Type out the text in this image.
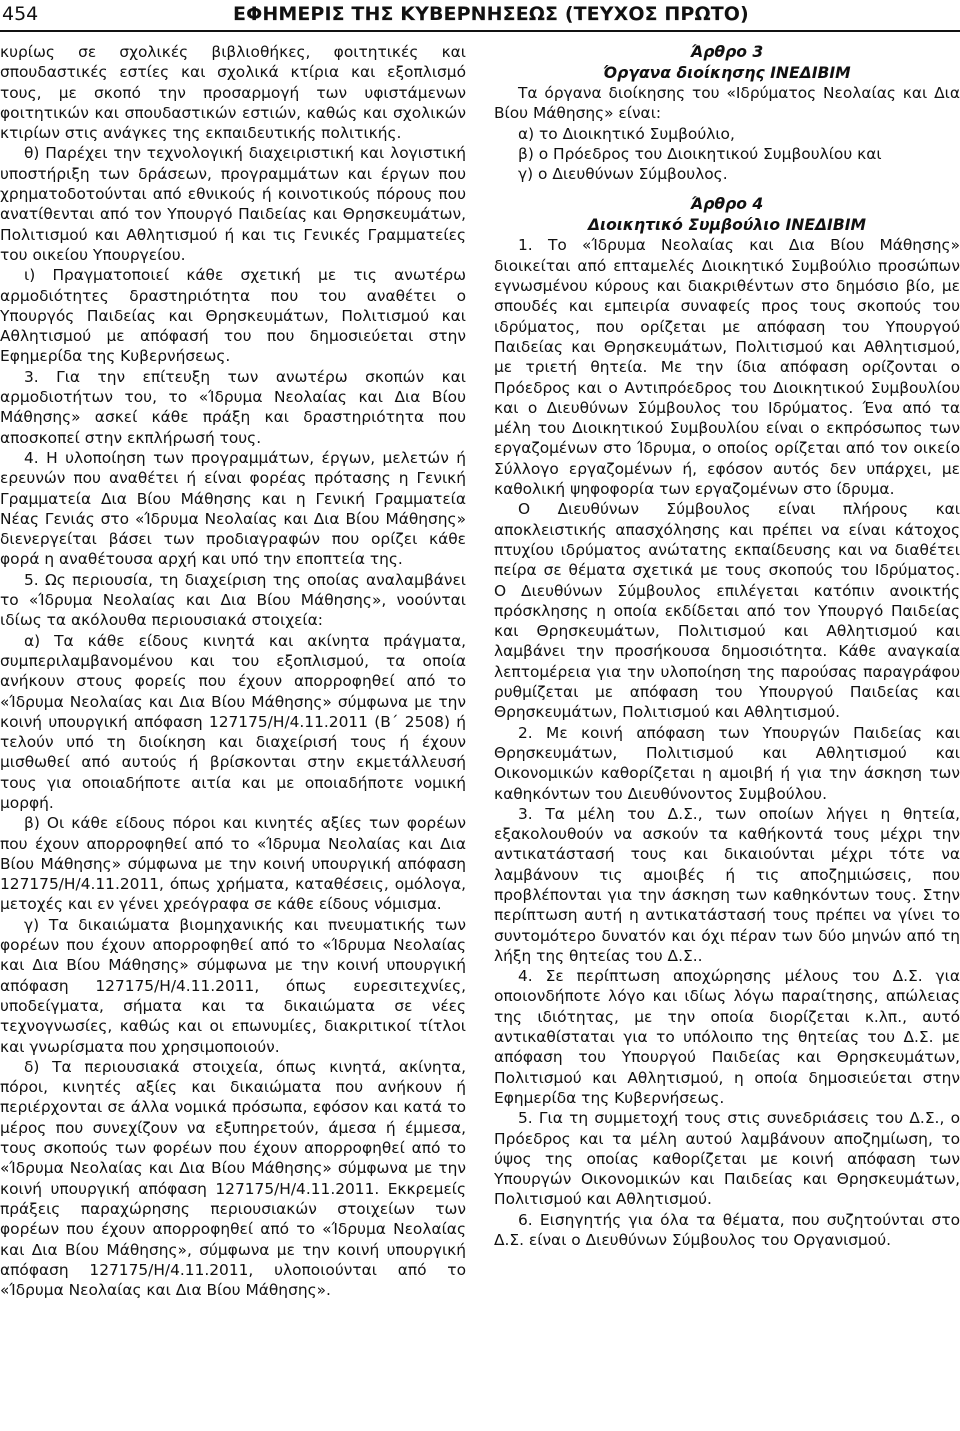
454	ΕΦΗΜΕΡΙΣ ΤΗΣ ΚΥΒΕΡΝΗΣΕΩΣ (ΤΕΥΧΟΣ ΠΡΩΤΟ)

κυρίως σε σχολικές βιβλιοθήκες, φοιτητικές και σπουδαστικές εστίες και σχολικά κτίρια και εξοπλισμό τους, με σκοπό την προσαρμογή των υφιστάμενων φοιτητικών και σπουδαστικών εστιών, καθώς και σχολικών κτιρίων στις ανάγκες της εκπαιδευτικής πολιτικής.

θ) Παρέχει την τεχνολογική διαχειριστική και λογιστική υποστήριξη των δράσεων, προγραμμάτων και έργων που χρηματοδοτούνται από εθνικούς ή κοινοτικούς πόρους που ανατίθενται από τον Υπουργό Παιδείας και Θρησκευμάτων, Πολιτισμού και Αθλητισμού ή και τις Γενικές Γραμματείες του οικείου Υπουργείου.

ι) Πραγματοποιεί κάθε σχετική με τις ανωτέρω αρμοδιότητες δραστηριότητα που του αναθέτει ο Υπουργός Παιδείας και Θρησκευμάτων, Πολιτισμού και Αθλητισμού με απόφασή του που δημοσιεύεται στην Εφημερίδα της Κυβερνήσεως.

3. Για την επίτευξη των ανωτέρω σκοπών και αρμοδιοτήτων του, το «Ίδρυμα Νεολαίας και Δια Βίου Μάθησης» ασκεί κάθε πράξη και δραστηριότητα που αποσκοπεί στην εκπλήρωσή τους.

4. Η υλοποίηση των προγραμμάτων, έργων, μελετών ή ερευνών που αναθέτει ή είναι φορέας πρότασης η Γενική Γραμματεία Δια Βίου Μάθησης και η Γενική Γραμματεία Νέας Γενιάς στο «Ίδρυμα Νεολαίας και Δια Βίου Μάθησης» διενεργείται βάσει των προδιαγραφών που ορίζει κάθε φορά η αναθέτουσα αρχή και υπό την εποπτεία της.

5. Ως περιουσία, τη διαχείριση της οποίας αναλαμβάνει το «Ίδρυμα Νεολαίας και Δια Βίου Μάθησης», νοούνται ιδίως τα ακόλουθα περιουσιακά στοιχεία:

α) Τα κάθε είδους κινητά και ακίνητα πράγματα, συμπεριλαμβανομένου και του εξοπλισμού, τα οποία ανήκουν στους φορείς που έχουν απορροφηθεί από το «Ίδρυμα Νεολαίας και Δια Βίου Μάθησης» σύμφωνα με την κοινή υπουργική απόφαση 127175/Η/4.11.2011 (Β΄ 2508) ή τελούν υπό τη διοίκηση και διαχείρισή τους ή έχουν μισθωθεί από αυτούς ή βρίσκονται στην εκμετάλλευσή τους για οποιαδήποτε αιτία και με οποιαδήποτε νομική μορφή.

β) Οι κάθε είδους πόροι και κινητές αξίες των φορέων που έχουν απορροφηθεί από το «Ίδρυμα Νεολαίας και Δια Βίου Μάθησης» σύμφωνα με την κοινή υπουργική απόφαση 127175/Η/4.11.2011, όπως χρήματα, καταθέσεις, ομόλογα, μετοχές και εν γένει χρεόγραφα σε κάθε είδους νόμισμα.

γ) Τα δικαιώματα βιομηχανικής και πνευματικής των φορέων που έχουν απορροφηθεί από το «Ίδρυμα Νεολαίας και Δια Βίου Μάθησης» σύμφωνα με την κοινή υπουργική απόφαση 127175/Η/4.11.2011, όπως ευρεσιτεχνίες, υποδείγματα, σήματα και τα δικαιώματα σε νέες τεχνογνωσίες, καθώς και οι επωνυμίες, διακριτικοί τίτλοι και γνωρίσματα που χρησιμοποιούν.

δ) Τα περιουσιακά στοιχεία, όπως κινητά, ακίνητα, πόροι, κινητές αξίες και δικαιώματα που ανήκουν ή περιέρχονται σε άλλα νομικά πρόσωπα, εφόσον και κατά το μέρος που συνεχίζουν να εξυπηρετούν, άμεσα ή έμμεσα, τους σκοπούς των φορέων που έχουν απορροφηθεί από το «Ίδρυμα Νεολαίας και Δια Βίου Μάθησης» σύμφωνα με την κοινή υπουργική απόφαση 127175/Η/4.11.2011. Εκκρεμείς πράξεις παραχώρησης περιουσιακών στοιχείων των φορέων που έχουν απορροφηθεί από το «Ίδρυμα Νεολαίας και Δια Βίου Μάθησης», σύμφωνα με την κοινή υπουργική απόφαση 127175/Η/4.11.2011, υλοποιούνται από το «Ίδρυμα Νεολαίας και Δια Βίου Μάθησης».

Άρθρο 3

Όργανα διοίκησης ΙΝΕΔΙΒΙΜ

Τα όργανα διοίκησης του «Ιδρύματος Νεολαίας και Δια Βίου Μάθησης» είναι:

α) το Διοικητικό Συμβούλιο,

β) ο Πρόεδρος του Διοικητικού Συμβουλίου και

γ) ο Διευθύνων Σύμβουλος.

Άρθρο 4

Διοικητικό Συμβούλιο ΙΝΕΔΙΒΙΜ

1. Το «Ίδρυμα Νεολαίας και Δια Βίου Μάθησης» διοικείται από επταμελές Διοικητικό Συμβούλιο προσώπων εγνωσμένου κύρους και διακριθέντων στο δημόσιο βίο, με σπουδές και εμπειρία συναφείς προς τους σκοπούς του ιδρύματος, που ορίζεται με απόφαση του Υπουργού Παιδείας και Θρησκευμάτων, Πολιτισμού και Αθλητισμού, με τριετή θητεία. Με την ίδια απόφαση ορίζονται ο Πρόεδρος και ο Αντιπρόεδρος του Διοικητικού Συμβουλίου και ο Διευθύνων Σύμβουλος του Ιδρύματος. Ένα από τα μέλη του Διοικητικού Συμβουλίου είναι ο εκπρόσωπος των εργαζομένων στο Ίδρυμα, ο οποίος ορίζεται από τον οικείο Σύλλογο εργαζομένων ή, εφόσον αυτός δεν υπάρχει, με καθολική ψηφοφορία των εργαζομένων στο ίδρυμα.

Ο Διευθύνων Σύμβουλος είναι πλήρους και αποκλειστικής απασχόλησης και πρέπει να είναι κάτοχος πτυχίου ιδρύματος ανώτατης εκπαίδευσης και να διαθέτει πείρα σε θέματα σχετικά με τους σκοπούς του Ιδρύματος. Ο Διευθύνων Σύμβουλος επιλέγεται κατόπιν ανοικτής πρόσκλησης η οποία εκδίδεται από τον Υπουργό Παιδείας και Θρησκευμάτων, Πολιτισμού και Αθλητισμού και λαμβάνει την προσήκουσα δημοσιότητα. Κάθε αναγκαία λεπτομέρεια για την υλοποίηση της παρούσας παραγράφου ρυθμίζεται με απόφαση του Υπουργού Παιδείας και Θρησκευμάτων, Πολιτισμού και Αθλητισμού.

2. Με κοινή απόφαση των Υπουργών Παιδείας και Θρησκευμάτων, Πολιτισμού και Αθλητισμού και Οικονομικών καθορίζεται η αμοιβή ή για την άσκηση των καθηκόντων του Διευθύνοντος Συμβούλου.

3. Τα μέλη του Δ.Σ., των οποίων λήγει η θητεία, εξακολουθούν να ασκούν τα καθήκοντά τους μέχρι την αντικατάστασή τους και δικαιούνται μέχρι τότε να λαμβάνουν τις αμοιβές ή τις αποζημιώσεις, που προβλέπονται για την άσκηση των καθηκόντων τους. Στην περίπτωση αυτή η αντικατάστασή τους πρέπει να γίνει το συντομότερο δυνατόν και όχι πέραν των δύο μηνών από τη λήξη της θητείας του Δ.Σ..

4. Σε περίπτωση αποχώρησης μέλους του Δ.Σ. για οποιονδήποτε λόγο και ιδίως λόγω παραίτησης, απώλειας της ιδιότητας, με την οποία διορίζεται κ.λπ., αυτό αντικαθίσταται για το υπόλοιπο της θητείας του Δ.Σ. με απόφαση του Υπουργού Παιδείας και Θρησκευμάτων, Πολιτισμού και Αθλητισμού, η οποία δημοσιεύεται στην Εφημερίδα της Κυβερνήσεως.

5. Για τη συμμετοχή τους στις συνεδριάσεις του Δ.Σ., ο Πρόεδρος και τα μέλη αυτού λαμβάνουν αποζημίωση, το ύψος της οποίας καθορίζεται με κοινή απόφαση των Υπουργών Οικονομικών και Παιδείας και Θρησκευμάτων, Πολιτισμού και Αθλητισμού.

6. Εισηγητής για όλα τα θέματα, που συζητούνται στο Δ.Σ. είναι ο Διευθύνων Σύμβουλος του Οργανισμού.
